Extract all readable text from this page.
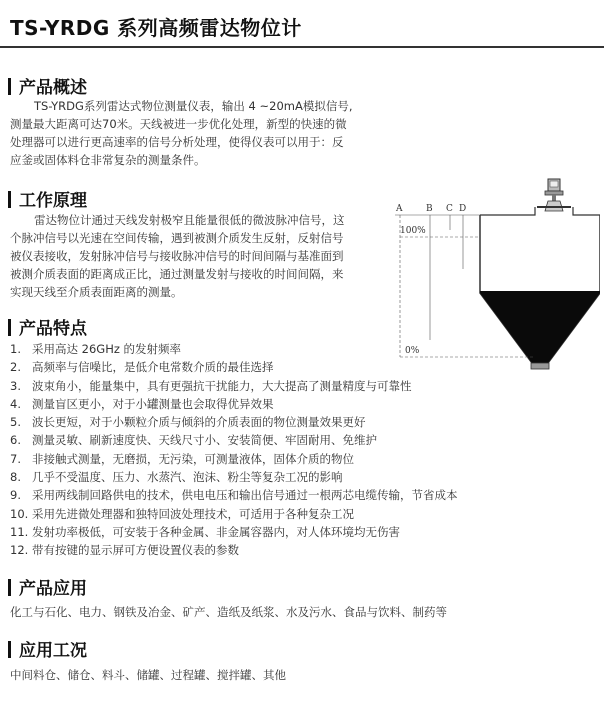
TS-YRDG 系列高频雷达物位计
产品概述
TS-YRDG系列雷达式物位测量仪表，输出 4 ~20mA模拟信号,
测量最大距离可达70米。天线被进一步优化处理，新型的快速的微
处理器可以进行更高速率的信号分析处理，使得仪表可以用于：反
应釜或固体料仓非常复杂的测量条件。
工作原理
雷达物位计通过天线发射极窄且能量很低的微波脉冲信号，这
个脉冲信号以光速在空间传输，遇到被测介质发生反射，反射信号
被仪表接收，发射脉冲信号与接收脉冲信号的时间间隔与基准面到
被测介质表面的距离成正比，通过测量发射与接收的时间间隔，来
实现天线至介质表面距离的测量。
A	B C D
100%
0%
产品特点
1. 采用高达 26GHz 的发射频率
2. 高频率与信噪比，是低介电常数介质的最佳选择
3. 波束角小，能量集中，具有更强抗干扰能力，大大提高了测量精度与可靠性
4. 测量盲区更小，对于小罐测量也会取得优异效果
5. 波长更短，对于小颗粒介质与倾斜的介质表面的物位测量效果更好
6. 测量灵敏、刷新速度快、天线尺寸小、安装简便、牢固耐用、免维护
7. 非接触式测量，无磨损，无污染，可测量液体，固体介质的物位
8. 几乎不受温度、压力、水蒸汽、泡沫、粉尘等复杂工况的影响
9. 采用两线制回路供电的技术，供电电压和输出信号通过一根两芯电缆传输，节省成本
10. 采用先进微处理器和独特回波处理技术，可适用于各种复杂工况
11. 发射功率极低，可安装于各种金属、非金属容器内，对人体环境均无伤害
12. 带有按键的显示屏可方便设置仪表的参数
产品应用
化工与石化、电力、钢铁及冶金、矿产、造纸及纸浆、水及污水、食品与饮料、制药等
应用工况
中间料仓、储仓、料斗、储罐、过程罐、搅拌罐、其他
